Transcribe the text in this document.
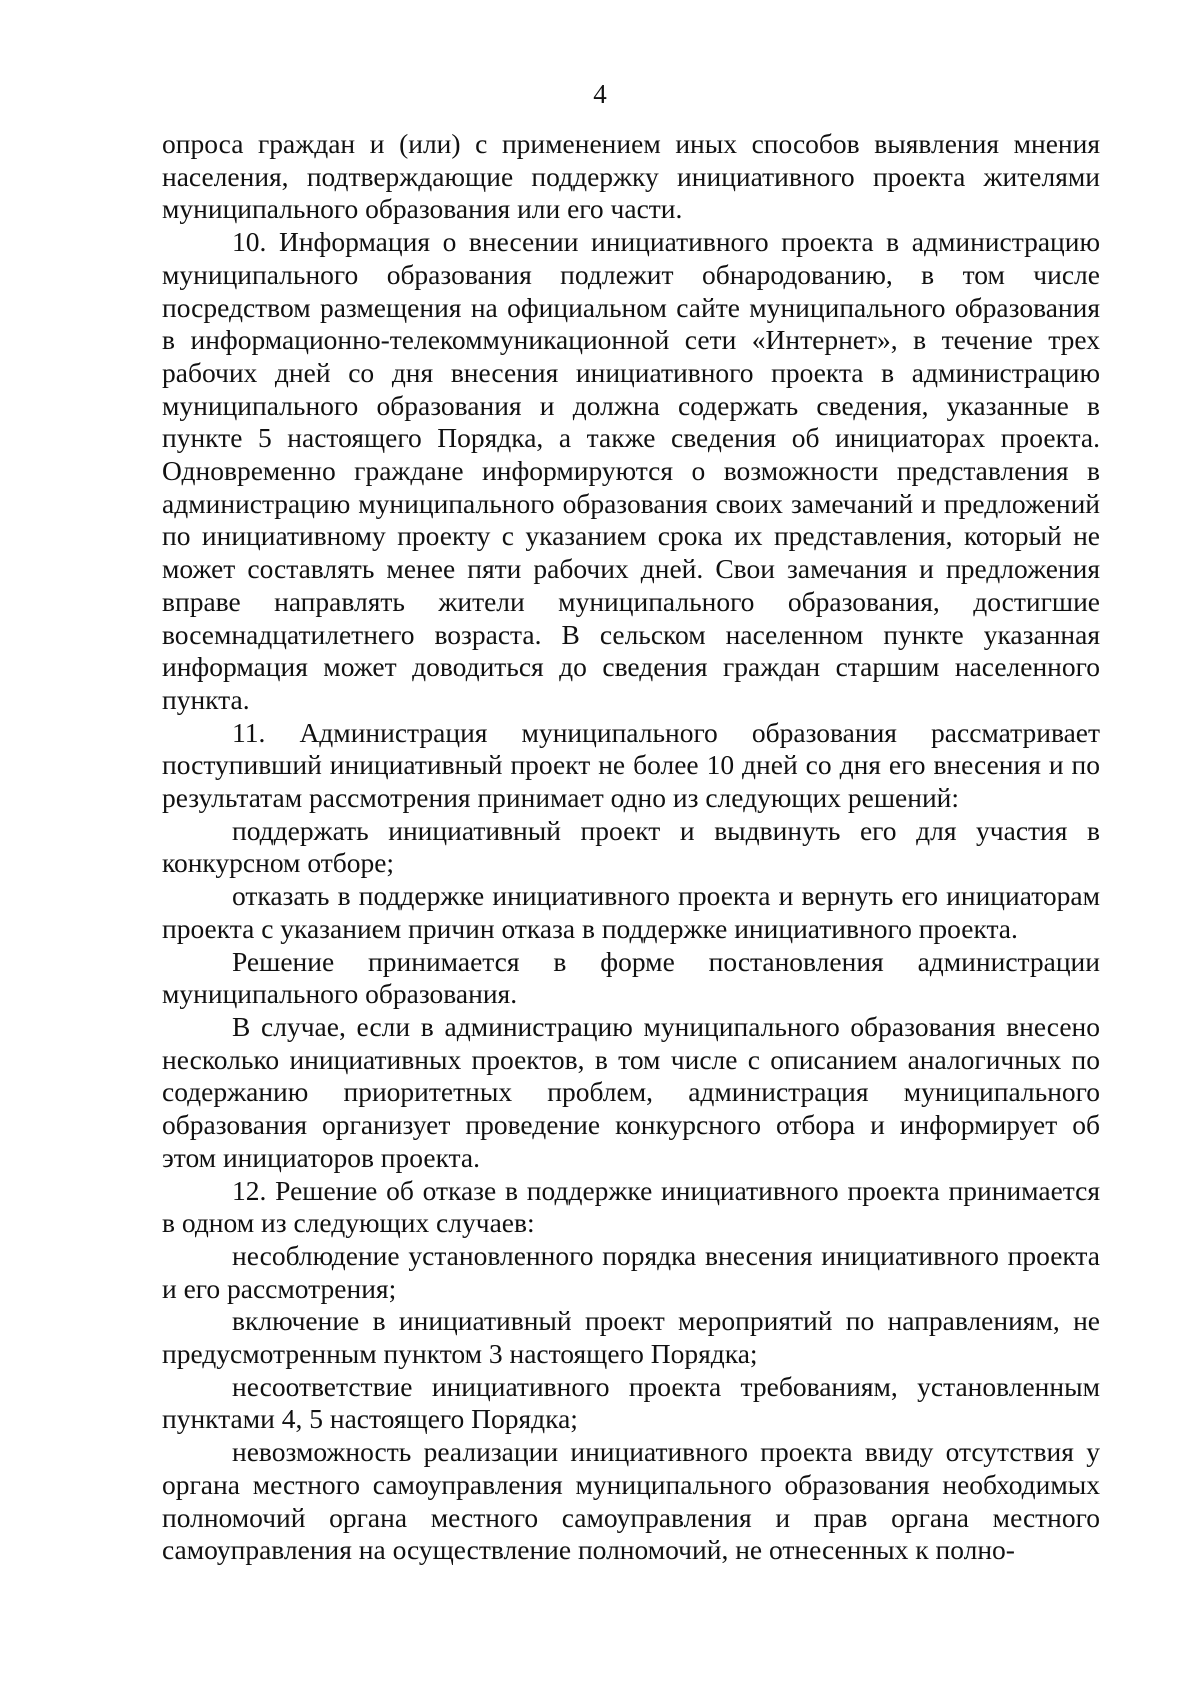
4

опроса граждан и (или) с применением иных способов выявления мнения населения, подтверждающие поддержку инициативного проекта жителями муниципального образования или его части.

10. Информация о внесении инициативного проекта в администрацию муниципального образования подлежит обнародованию, в том числе посредством размещения на официальном сайте муниципального образования в информационно-телекоммуникационной сети «Интернет», в течение трех рабочих дней со дня внесения инициативного проекта в администрацию муниципального образования и должна содержать сведения, указанные в пункте 5 настоящего Порядка, а также сведения об инициаторах проекта. Одновременно граждане информируются о возможности представления в администрацию муниципального образования своих замечаний и предложений по инициативному проекту с указанием срока их представления, который не может составлять менее пяти рабочих дней. Свои замечания и предложения вправе направлять жители муниципального образования, достигшие восемнадцатилетнего возраста. В сельском населенном пункте указанная информация может доводиться до сведения граждан старшим населенного пункта.

11. Администрация муниципального образования рассматривает поступивший инициативный проект не более 10 дней со дня его внесения и по результатам рассмотрения принимает одно из следующих решений:

поддержать инициативный проект и выдвинуть его для участия в конкурсном отборе;

отказать в поддержке инициативного проекта и вернуть его инициаторам проекта с указанием причин отказа в поддержке инициативного проекта.

Решение принимается в форме постановления администрации муниципального образования.

В случае, если в администрацию муниципального образования внесено несколько инициативных проектов, в том числе с описанием аналогичных по содержанию приоритетных проблем, администрация муниципального образования организует проведение конкурсного отбора и информирует об этом инициаторов проекта.

12. Решение об отказе в поддержке инициативного проекта принимается в одном из следующих случаев:

несоблюдение установленного порядка внесения инициативного проекта и его рассмотрения;

включение в инициативный проект мероприятий по направлениям, не предусмотренным пунктом 3 настоящего Порядка;

несоответствие инициативного проекта требованиям, установленным пунктами 4, 5 настоящего Порядка;

невозможность реализации инициативного проекта ввиду отсутствия у органа местного самоуправления муниципального образования необходимых полномочий органа местного самоуправления и прав органа местного самоуправления на осуществление полномочий, не отнесенных к полно-
